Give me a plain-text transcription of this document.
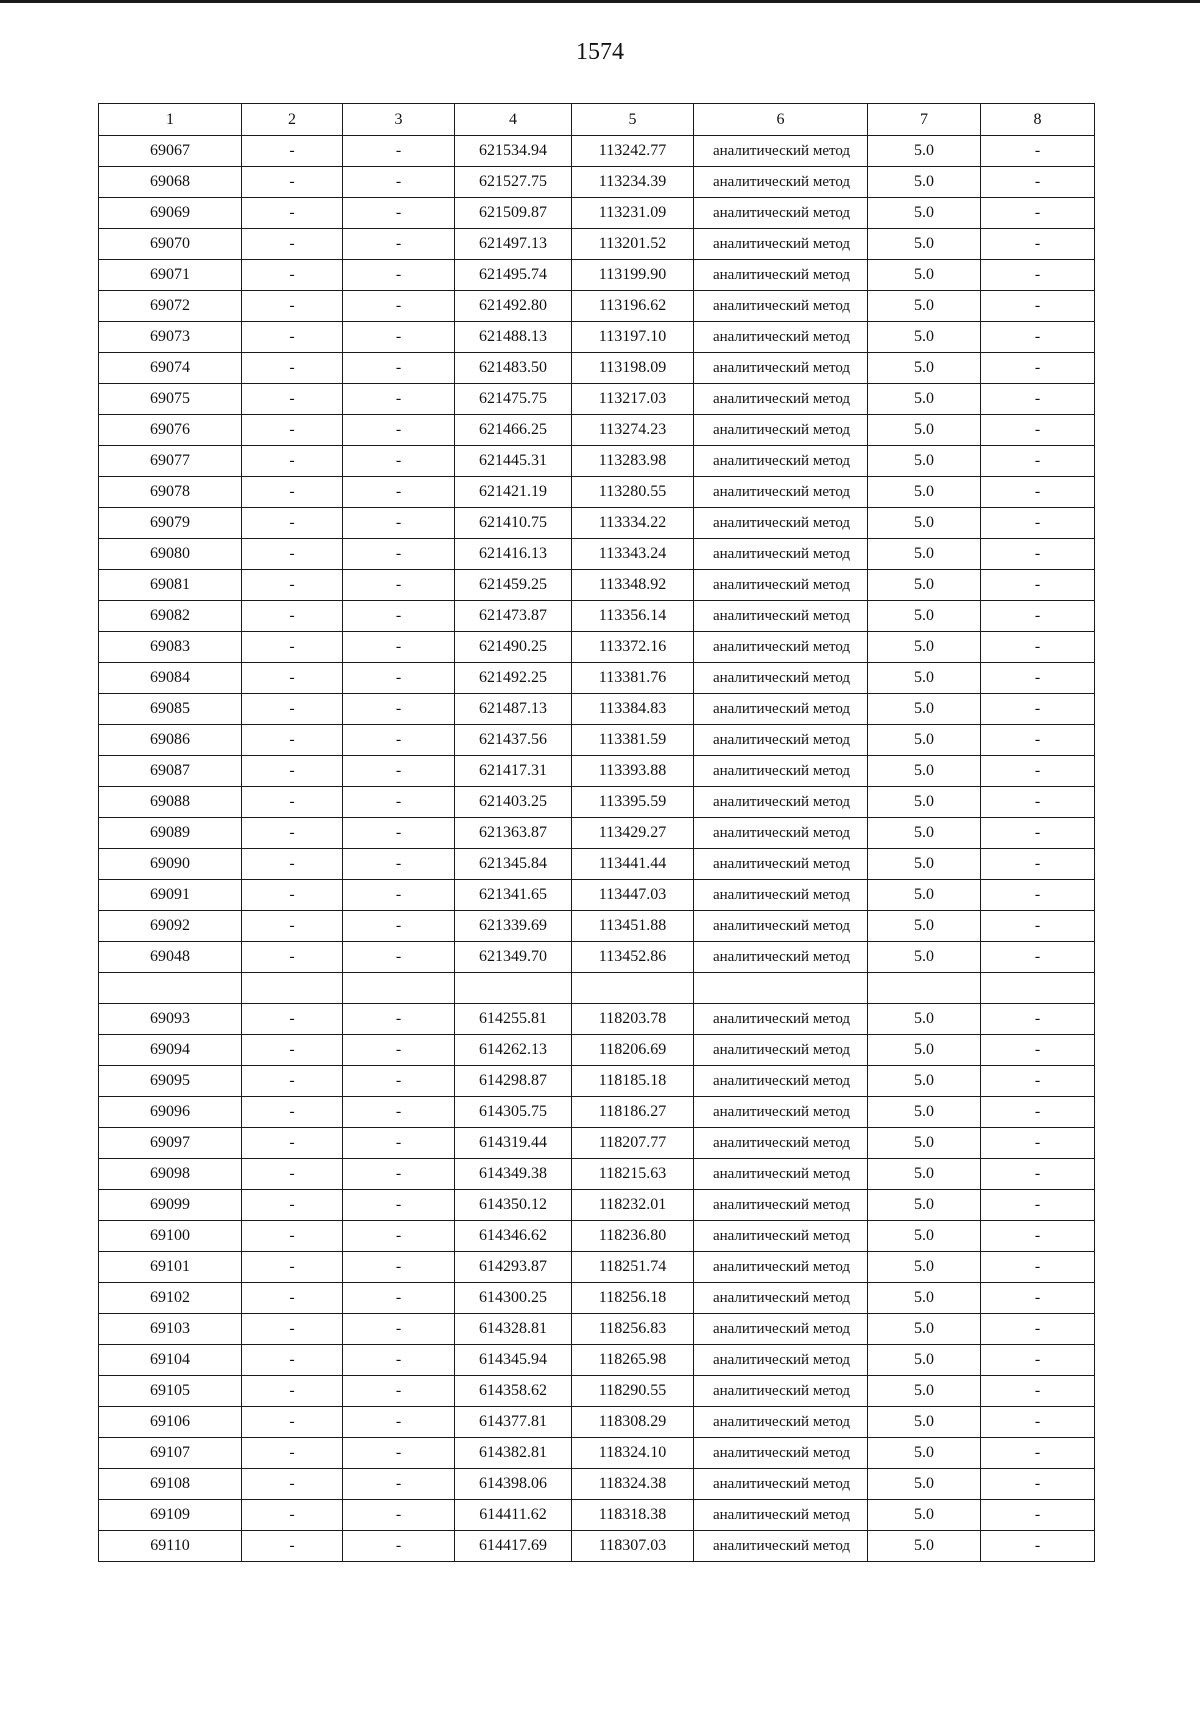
1574
1	2	3	4	5	6	7	8
69067	-	-	621534.94	113242.77	аналитический метод	5.0	-
69068	-	-	621527.75	113234.39	аналитический метод	5.0	-
69069	-	-	621509.87	113231.09	аналитический метод	5.0	-
69070	-	-	621497.13	113201.52	аналитический метод	5.0	-
69071	-	-	621495.74	113199.90	аналитический метод	5.0	-
69072	-	-	621492.80	113196.62	аналитический метод	5.0	-
69073	-	-	621488.13	113197.10	аналитический метод	5.0	-
69074	-	-	621483.50	113198.09	аналитический метод	5.0	-
69075	-	-	621475.75	113217.03	аналитический метод	5.0	-
69076	-	-	621466.25	113274.23	аналитический метод	5.0	-
69077	-	-	621445.31	113283.98	аналитический метод	5.0	-
69078	-	-	621421.19	113280.55	аналитический метод	5.0	-
69079	-	-	621410.75	113334.22	аналитический метод	5.0	-
69080	-	-	621416.13	113343.24	аналитический метод	5.0	-
69081	-	-	621459.25	113348.92	аналитический метод	5.0	-
69082	-	-	621473.87	113356.14	аналитический метод	5.0	-
69083	-	-	621490.25	113372.16	аналитический метод	5.0	-
69084	-	-	621492.25	113381.76	аналитический метод	5.0	-
69085	-	-	621487.13	113384.83	аналитический метод	5.0	-
69086	-	-	621437.56	113381.59	аналитический метод	5.0	-
69087	-	-	621417.31	113393.88	аналитический метод	5.0	-
69088	-	-	621403.25	113395.59	аналитический метод	5.0	-
69089	-	-	621363.87	113429.27	аналитический метод	5.0	-
69090	-	-	621345.84	113441.44	аналитический метод	5.0	-
69091	-	-	621341.65	113447.03	аналитический метод	5.0	-
69092	-	-	621339.69	113451.88	аналитический метод	5.0	-
69048	-	-	621349.70	113452.86	аналитический метод	5.0	-

69093	-	-	614255.81	118203.78	аналитический метод	5.0	-
69094	-	-	614262.13	118206.69	аналитический метод	5.0	-
69095	-	-	614298.87	118185.18	аналитический метод	5.0	-
69096	-	-	614305.75	118186.27	аналитический метод	5.0	-
69097	-	-	614319.44	118207.77	аналитический метод	5.0	-
69098	-	-	614349.38	118215.63	аналитический метод	5.0	-
69099	-	-	614350.12	118232.01	аналитический метод	5.0	-
69100	-	-	614346.62	118236.80	аналитический метод	5.0	-
69101	-	-	614293.87	118251.74	аналитический метод	5.0	-
69102	-	-	614300.25	118256.18	аналитический метод	5.0	-
69103	-	-	614328.81	118256.83	аналитический метод	5.0	-
69104	-	-	614345.94	118265.98	аналитический метод	5.0	-
69105	-	-	614358.62	118290.55	аналитический метод	5.0	-
69106	-	-	614377.81	118308.29	аналитический метод	5.0	-
69107	-	-	614382.81	118324.10	аналитический метод	5.0	-
69108	-	-	614398.06	118324.38	аналитический метод	5.0	-
69109	-	-	614411.62	118318.38	аналитический метод	5.0	-
69110	-	-	614417.69	118307.03	аналитический метод	5.0	-
